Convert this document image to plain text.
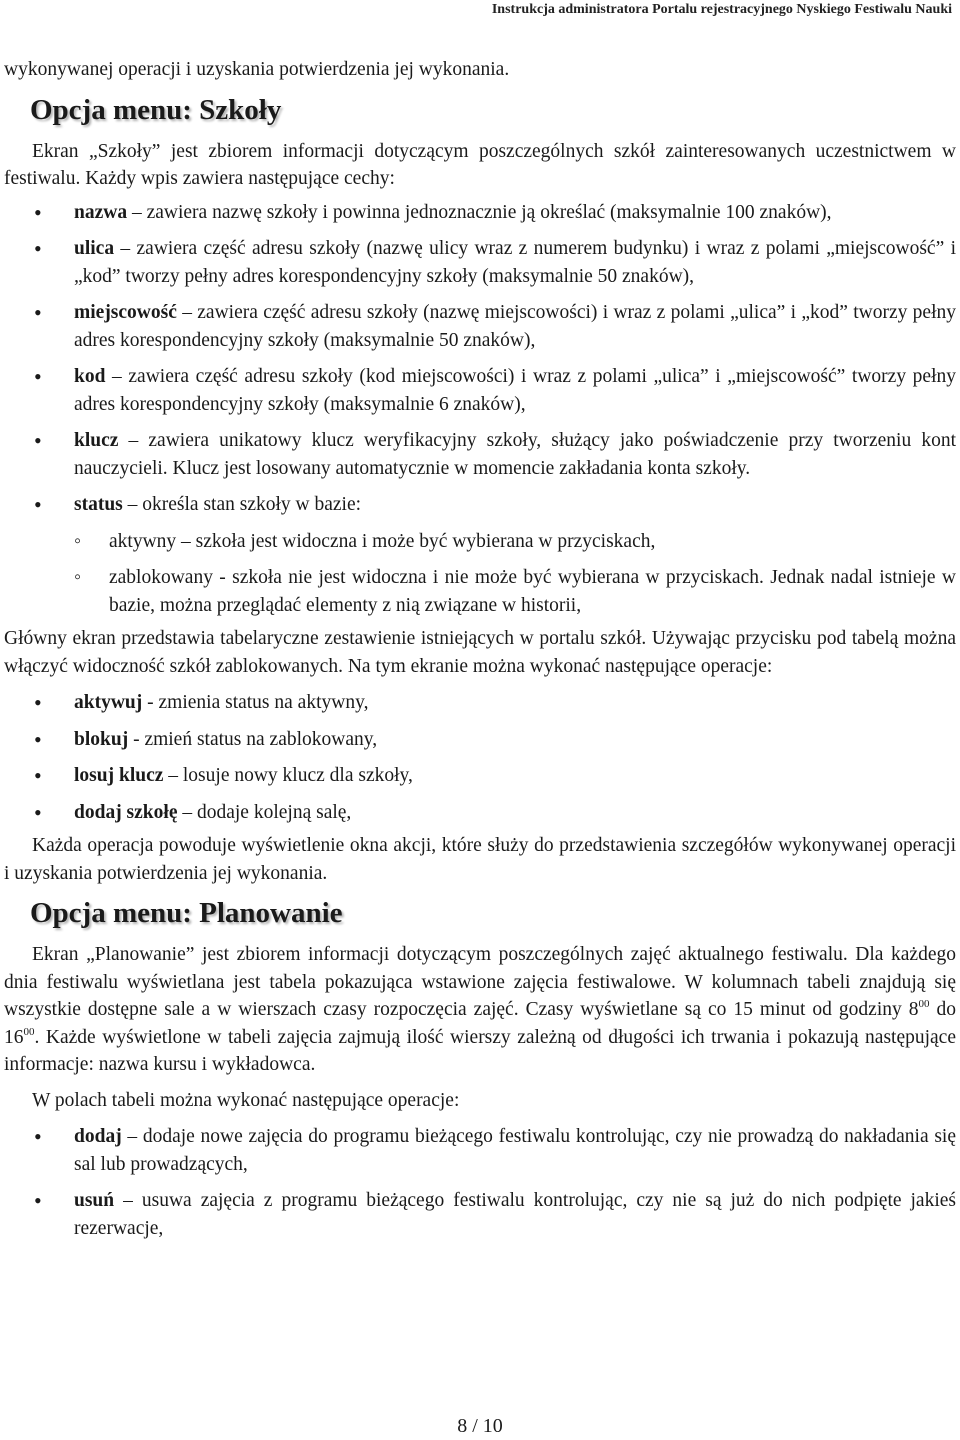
Instrukcja administratora Portalu rejestracyjnego Nyskiego Festiwalu Nauki

wykonywanej operacji i uzyskania potwierdzenia jej wykonania.

Opcja menu: Szkoły

Ekran „Szkoły” jest zbiorem informacji dotyczącym poszczególnych szkół zainteresowanych uczestnictwem w festiwalu. Każdy wpis zawiera następujące cechy:

• nazwa – zawiera nazwę szkoły i powinna jednoznacznie ją określać (maksymalnie 100 znaków),
• ulica – zawiera część adresu szkoły (nazwę ulicy wraz z numerem budynku) i wraz z polami „miejscowość” i „kod” tworzy pełny adres korespondencyjny szkoły (maksymalnie 50 znaków),
• miejscowość – zawiera część adresu szkoły (nazwę miejscowości) i wraz z polami „ulica” i „kod” tworzy pełny adres korespondencyjny szkoły (maksymalnie 50 znaków),
• kod – zawiera część adresu szkoły (kod miejscowości) i wraz z polami „ulica” i „miejscowość” tworzy pełny adres korespondencyjny szkoły (maksymalnie 6 znaków),
• klucz – zawiera unikatowy klucz weryfikacyjny szkoły, służący jako poświadczenie przy tworzeniu kont nauczycieli. Klucz jest losowany automatycznie w momencie zakładania konta szkoły.
• status – określa stan szkoły w bazie:
◦ aktywny – szkoła jest widoczna i może być wybierana w przyciskach,
◦ zablokowany - szkoła nie jest widoczna i nie może być wybierana w przyciskach. Jednak nadal istnieje w bazie, można przeglądać elementy z nią związane w historii,

Główny ekran przedstawia tabelaryczne zestawienie istniejących w portalu szkół. Używając przycisku pod tabelą można włączyć widoczność szkół zablokowanych. Na tym ekranie można wykonać następujące operacje:

• aktywuj - zmienia status na aktywny,
• blokuj - zmień status na zablokowany,
• losuj klucz – losuje nowy klucz dla szkoły,
• dodaj szkołę – dodaje kolejną salę,

Każda operacja powoduje wyświetlenie okna akcji, które służy do przedstawienia szczegółów wykonywanej operacji i uzyskania potwierdzenia jej wykonania.

Opcja menu: Planowanie

Ekran „Planowanie” jest zbiorem informacji dotyczącym poszczególnych zajęć aktualnego festiwalu. Dla każdego dnia festiwalu wyświetlana jest tabela pokazująca wstawione zajęcia festiwalowe. W kolumnach tabeli znajdują się wszystkie dostępne sale a w wierszach czasy rozpoczęcia zajęć. Czasy wyświetlane są co 15 minut od godziny $8^{00}$ do $16^{00}$. Każde wyświetlone w tabeli zajęcia zajmują ilość wierszy zależną od długości ich trwania i pokazują następujące informacje: nazwa kursu i wykładowca.

W polach tabeli można wykonać następujące operacje:

• dodaj – dodaje nowe zajęcia do programu bieżącego festiwalu kontrolując, czy nie prowadzą do nakładania się sal lub prowadzących,
• usuń – usuwa zajęcia z programu bieżącego festiwalu kontrolując, czy nie są już do nich podpięte jakieś rezerwacje,
8 / 10
